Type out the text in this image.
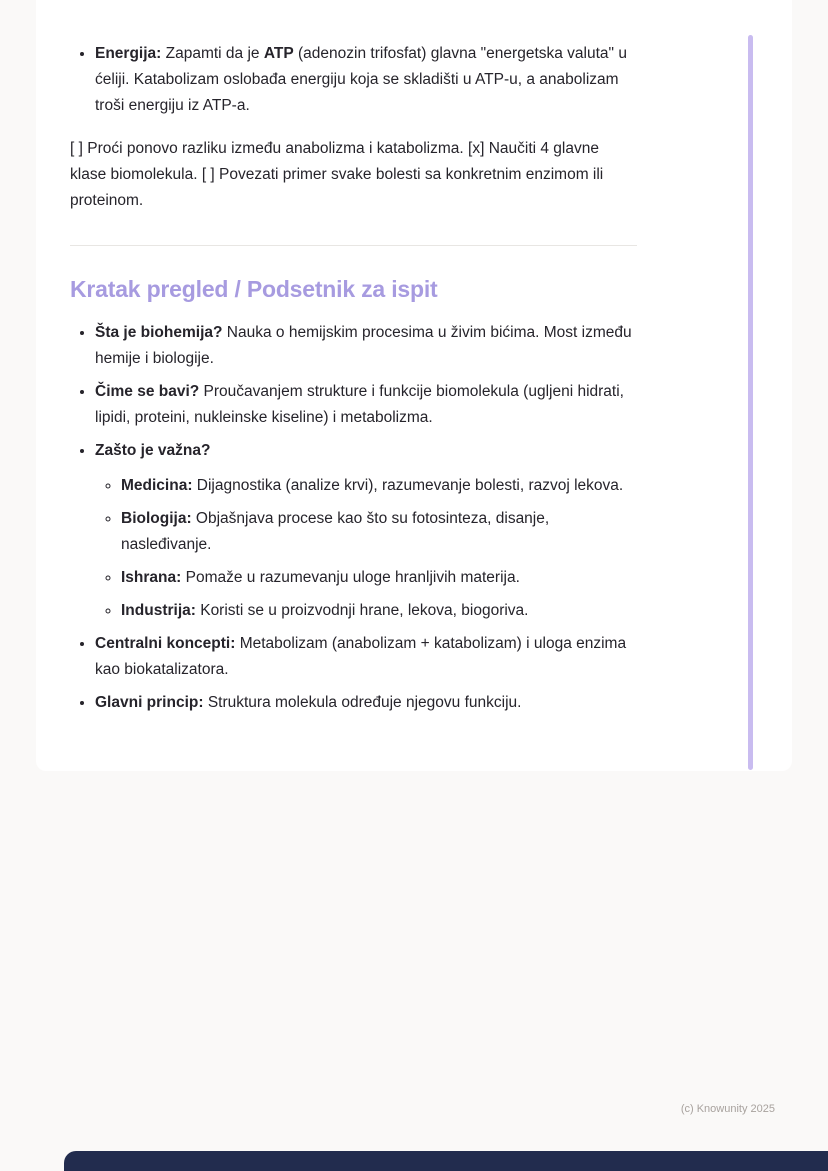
• Energija: Zapamti da je ATP (adenozin trifosfat) glavna "energetska valuta" u ćeliji. Katabolizam oslobađa energiju koja se skladišti u ATP-u, a anabolizam troši energiju iz ATP-a.

[ ] Proći ponovo razliku između anabolizma i katabolizma. [x] Naučiti 4 glavne klase biomolekula. [ ] Povezati primer svake bolesti sa konkretnim enzimom ili proteinom.

Kratak pregled / Podsetnik za ispit
• Šta je biohemija? Nauka o hemijskim procesima u živim bićima. Most između hemije i biologije.
• Čime se bavi? Proučavanjem strukture i funkcije biomolekula (ugljeni hidrati, lipidi, proteini, nukleinske kiseline) i metabolizma.
• Zašto je važna?
◦ Medicina: Dijagnostika (analize krvi), razumevanje bolesti, razvoj lekova.
◦ Biologija: Objašnjava procese kao što su fotosinteza, disanje, nasleđivanje.
◦ Ishrana: Pomaže u razumevanju uloge hranljivih materija.
◦ Industrija: Koristi se u proizvodnji hrane, lekova, biogoriva.
• Centralni koncepti: Metabolizam (anabolizam + katabolizam) i uloga enzima kao biokatalizatora.
• Glavni princip: Struktura molekula određuje njegovu funkciju.
(c) Knowunity 2025
